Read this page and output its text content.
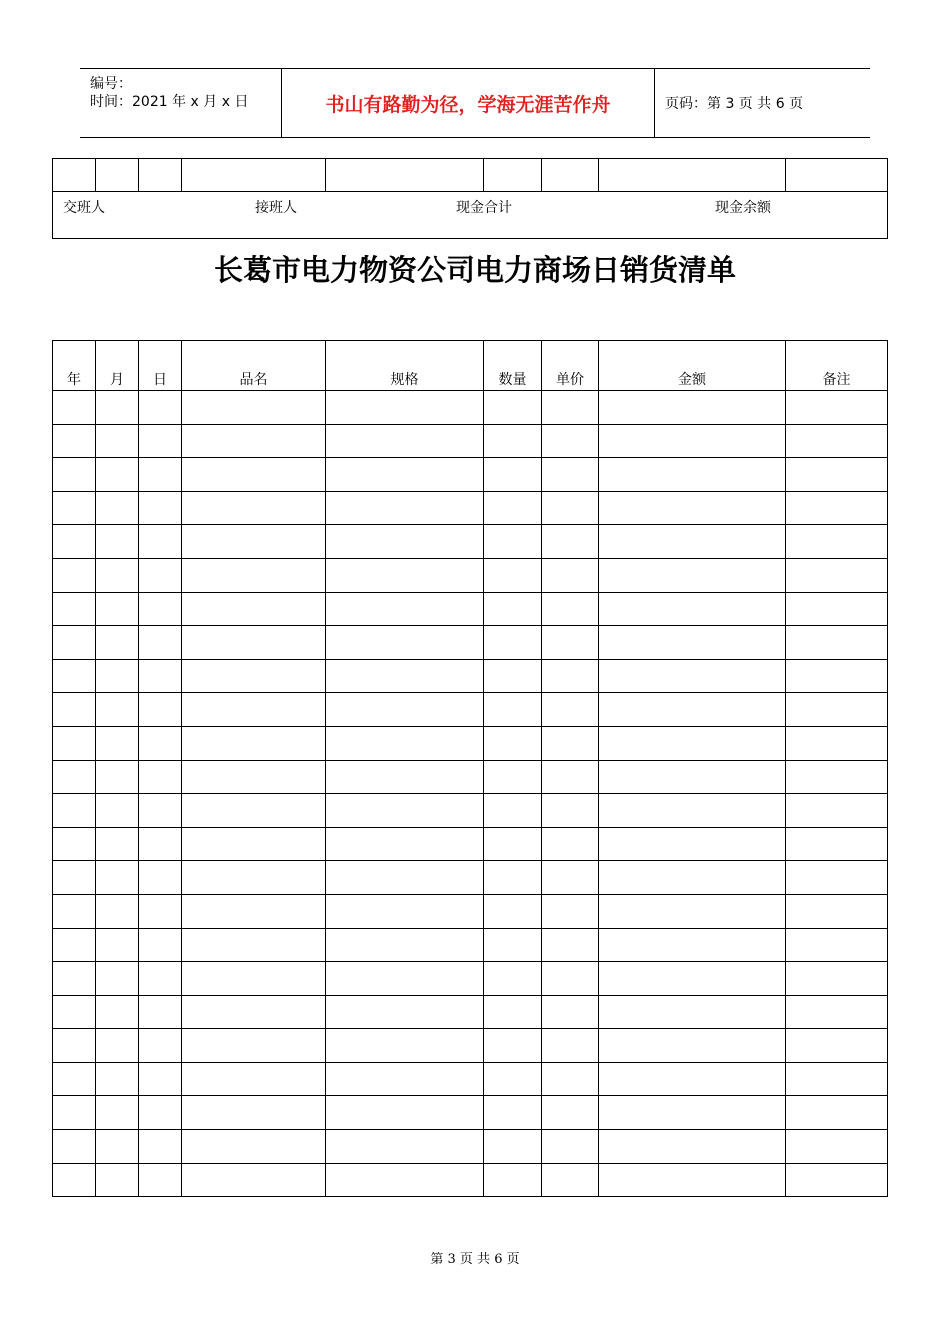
编号：
时间：2021 年 x 月 x 日	书山有路勤为径，学海无涯苦作舟	页码：第 3 页 共 6 页

交班人	接班人	现金合计	现金余额
长葛市电力物资公司电力商场日销货清单
年	月	日	品名	规格	数量	单价	金额	备注

第 3 页 共 6 页
